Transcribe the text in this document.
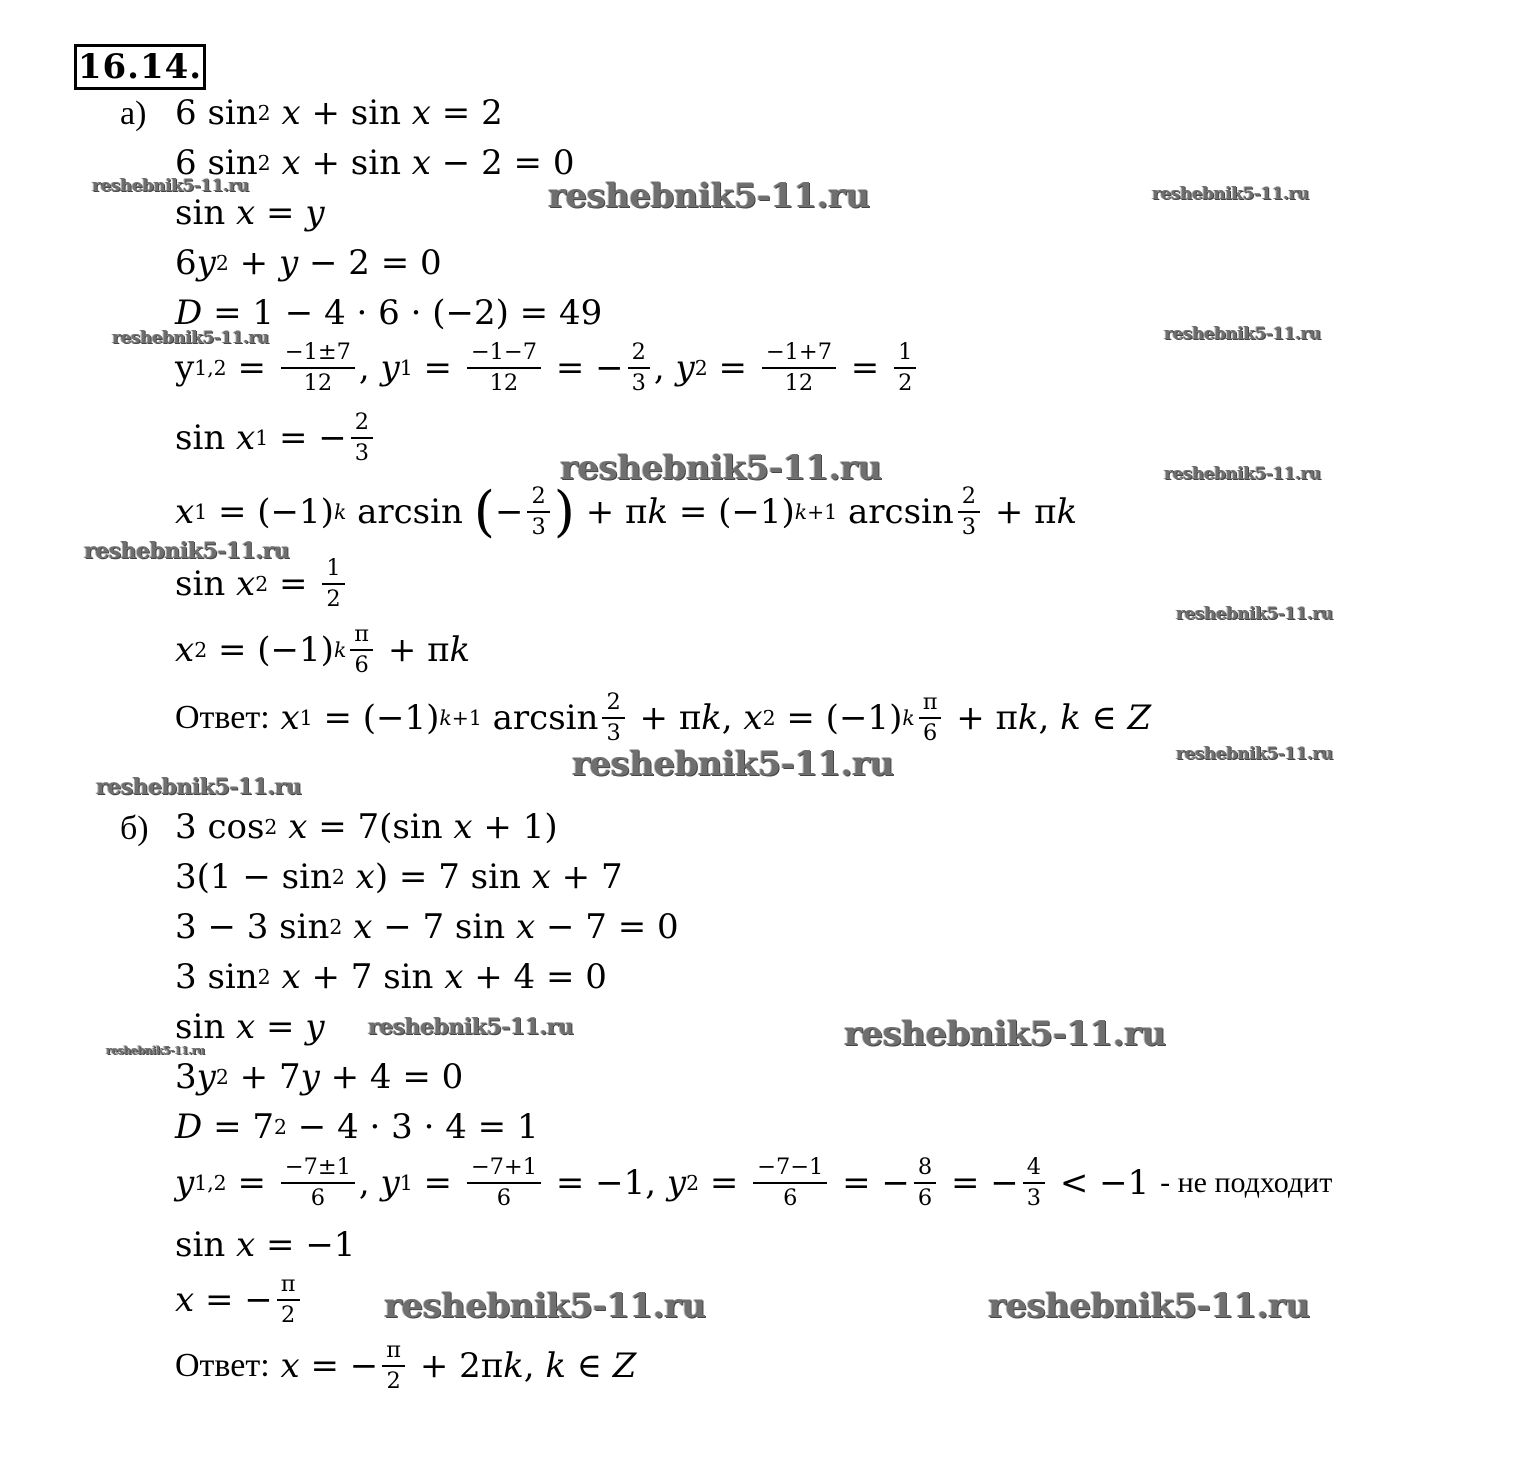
16.14.
а) 6 sin 2
x + sin x = 2
6 sin 2
x + sin x − 2 = 0
sin x = y
6 y 2 + y − 2 = 0
D = 1 − 4 · 6 · (−2) = 49
y $1,2 = \frac{-1\pm 7}{12}$ , y $1 = \frac{-1-7}{12}$ = − $\frac{2}{3}$ , y $2 = \frac{-1+7}{12} = \frac{1}{2}$
sin x 1 = − $\frac{2}{3}$
x 1 = (−1) k arcsin ( − $\frac{2}{3}$ ) + π k = (−1) k+1 $\arcsin \frac{2}{3} + \pi$ k
sin x $2 = \frac{1}{2}$
x 2 = (−1) k $\frac{\pi}{6} + \pi$ k
Ответ:
x 1 = (−1) k+1 $\arcsin \frac{2}{3} + \pi$ k , x 2 = (−1) k $\frac{\pi}{6} + \pi$ k , k ∈ Z
б) 3 cos 2
x = 7(sin x + 1)
3(1 − sin 2
x ) = 7 sin x + 7
3 − 3 sin 2
x − 7 sin x − 7 = 0
3 sin 2
x + 7 sin x + 4 = 0
sin x = y
3 y 2 + 7 y + 4 = 0
D = 7 2 − 4 · 3 · 4 = 1
y $1,2 = \frac{-7\pm 1}{6}$ , y $1 = \frac{-7+1}{6} = -1$, y $2 = \frac{-7-1}{6}$ = − $\frac{8}{6}$ = − $\frac{4}{3} < -1$ - не подходит
sin x = −1
x = − $\frac{\pi}{2}$
Ответ:
x = − $\frac{\pi}{2} + 2\pi$ k , k ∈ Z
reshebnik5-11.ru	reshebnik5-11.ru	reshebnik5-11.ru
reshebnik5-11.ru	reshebnik5-11.ru
reshebnik5-11.ru	reshebnik5-11.ru
reshebnik5-11.ru
reshebnik5-11.ru
reshebnik5-11.ru	reshebnik5-11.ru
reshebnik5-11.ru
reshebnik5-11.ru	reshebnik5-11.ru
reshebnik5-11.ru
reshebnik5-11.ru	reshebnik5-11.ru
